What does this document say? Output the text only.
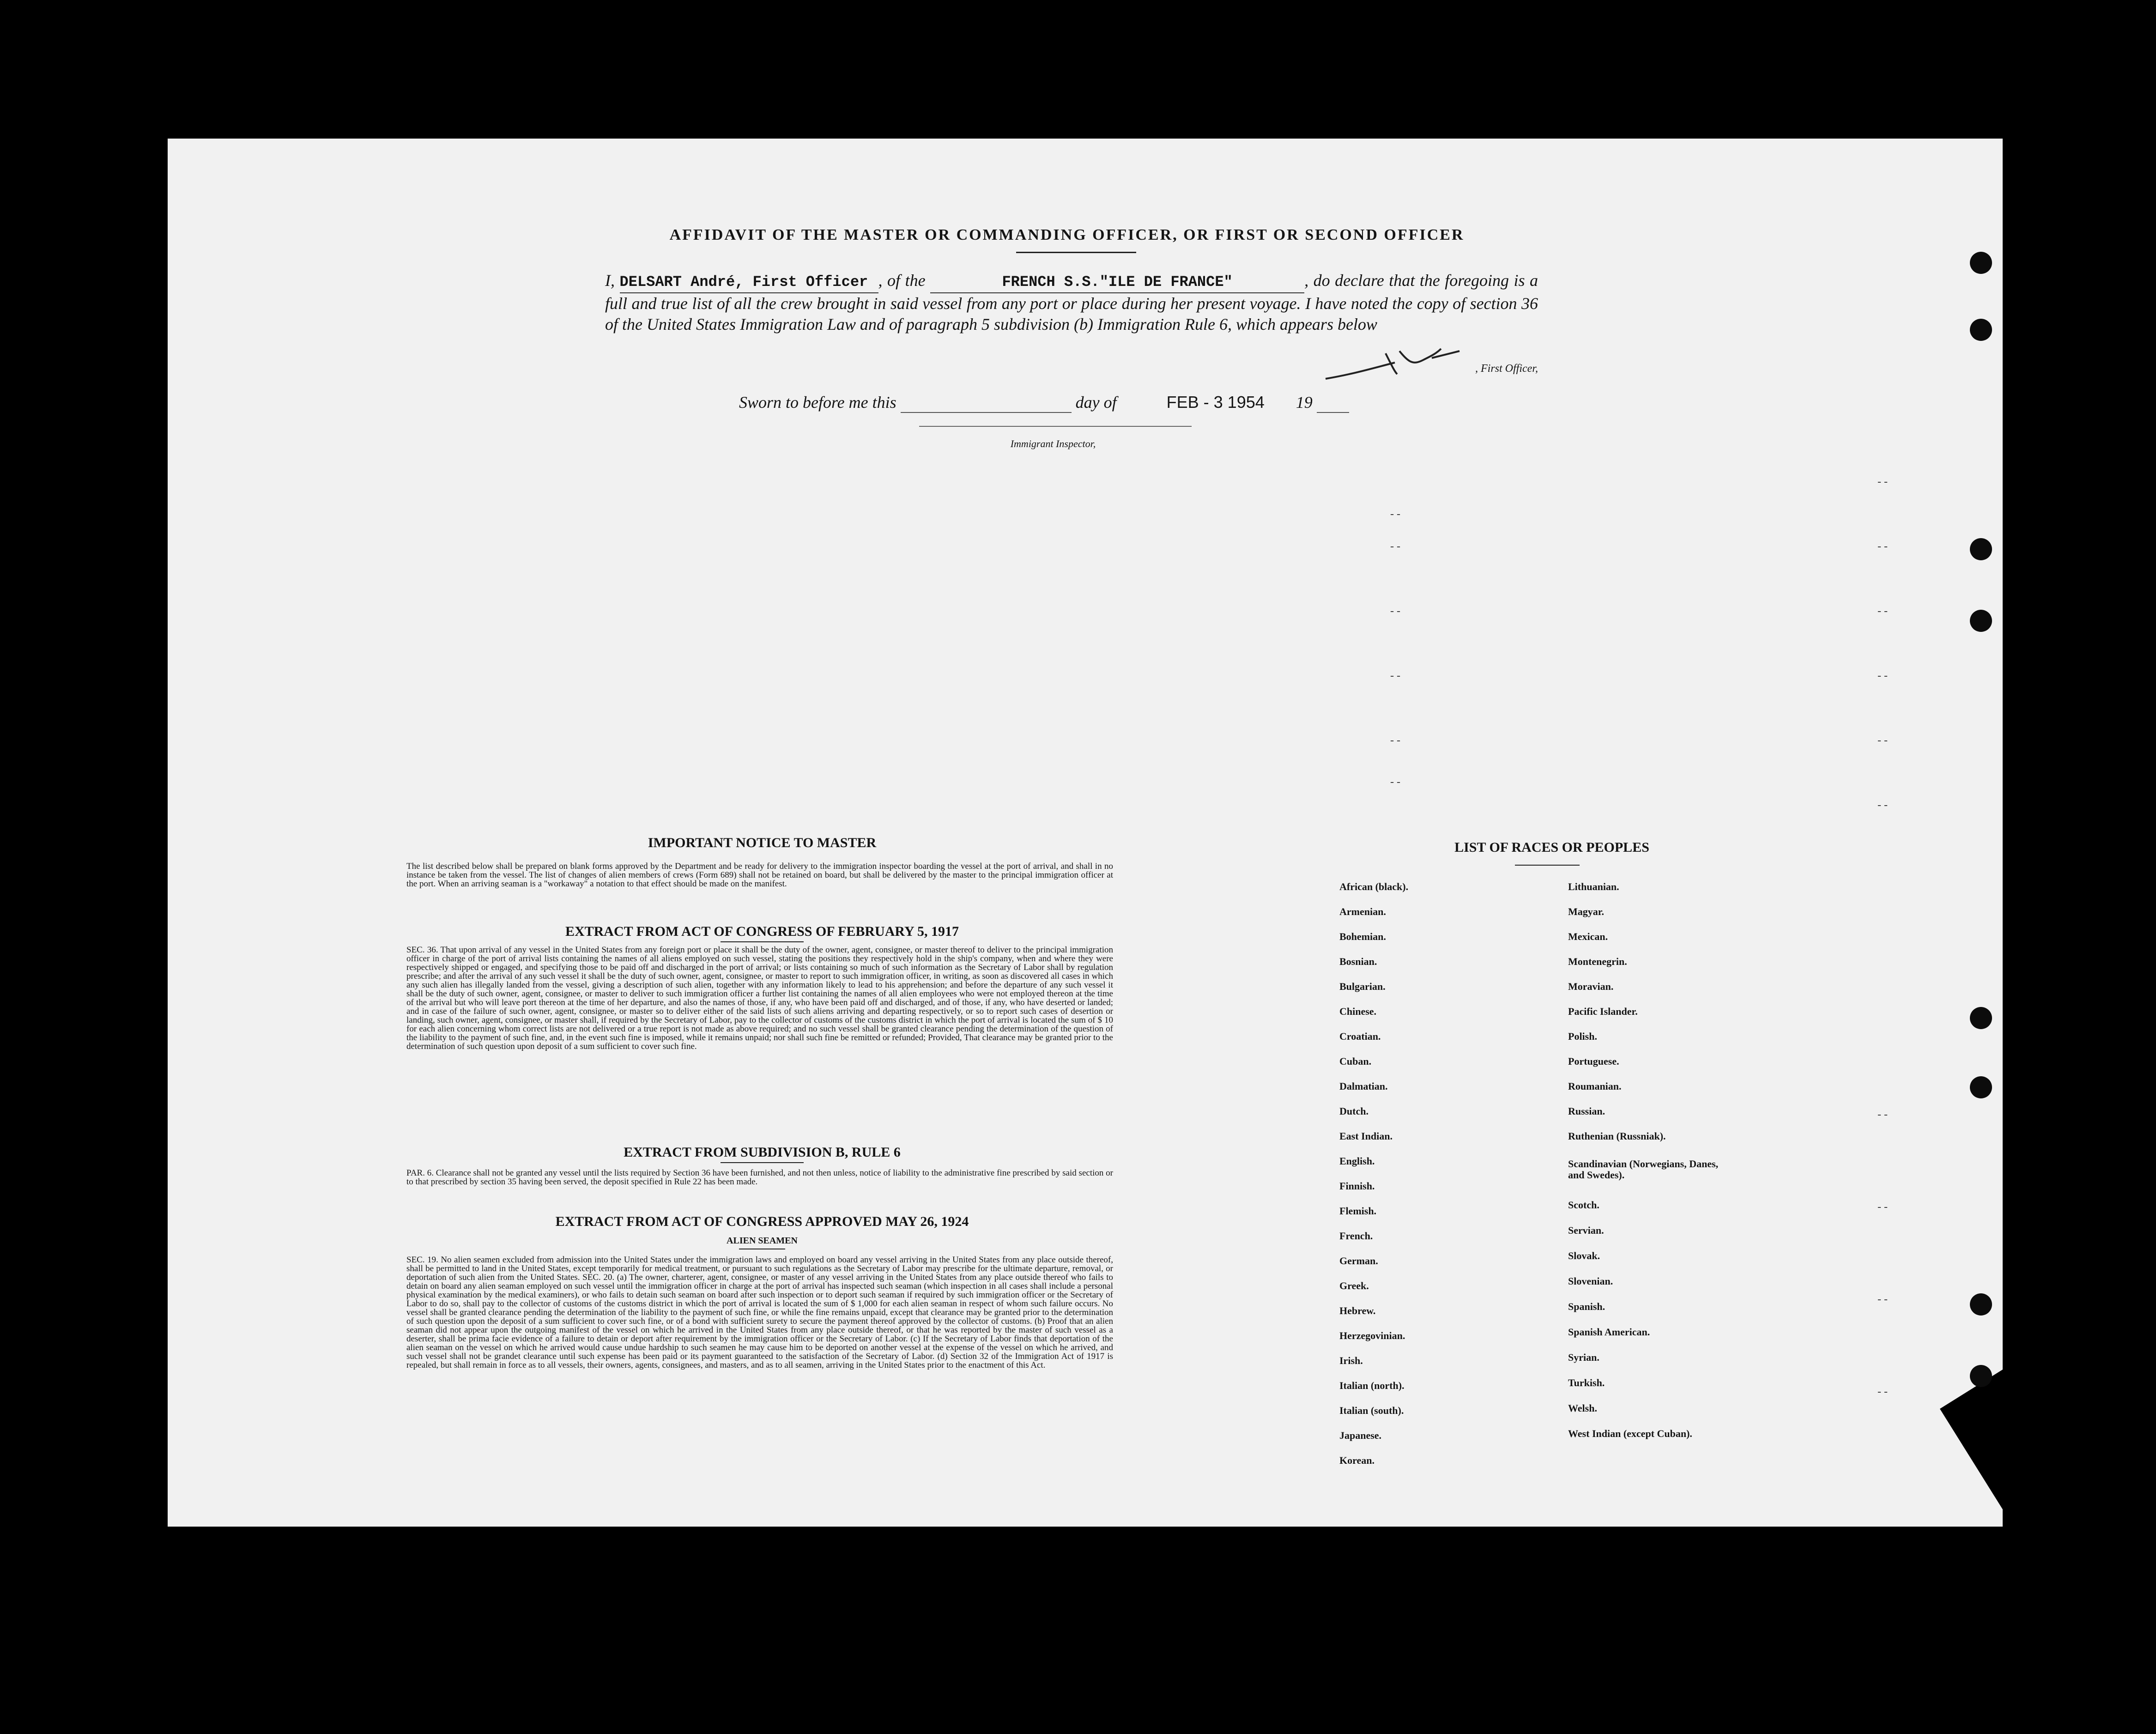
AFFIDAVIT OF THE MASTER OR COMMANDING OFFICER, OR FIRST OR SECOND OFFICER
I, DELSART André, First Officer , of the	FRENCH S.S."ILE DE FRANCE"	, do declare that the foregoing is a full and true list of all the crew brought in said vessel from any port or place during her present voyage. I have noted the copy of section 36 of the United States Immigration Law and of paragraph 5 subdivision (b) Immigration Rule 6, which appears below
, First Officer,
Sworn to before me this	day of	FEB - 3 1954 19
Immigrant Inspector,
IMPORTANT NOTICE TO MASTER
The list described below shall be prepared on blank forms approved by the Department and be ready for delivery to the immigration inspector boarding the vessel at the port of arrival, and shall in no instance be taken from the vessel. The list of changes of alien members of crews (Form 689) shall not be retained on board, but shall be delivered by the master to the principal immigration officer at the port. When an arriving seaman is a "workaway" a notation to that effect should be made on the manifest.
EXTRACT FROM ACT OF CONGRESS OF FEBRUARY 5, 1917
SEC. 36. That upon arrival of any vessel in the United States from any foreign port or place it shall be the duty of the owner, agent, consignee, or master thereof to deliver to the principal immigration officer in charge of the port of arrival lists containing the names of all aliens employed on such vessel, stating the positions they respectively hold in the ship's company, when and where they were respectively shipped or engaged, and specifying those to be paid off and discharged in the port of arrival; or lists containing so much of such information as the Secretary of Labor shall by regulation prescribe; and after the arrival of any such vessel it shall be the duty of such owner, agent, consignee, or master to report to such immigration officer, in writing, as soon as discovered all cases in which any such alien has illegally landed from the vessel, giving a description of such alien, together with any information likely to lead to his apprehension; and before the departure of any such vessel it shall be the duty of such owner, agent, consignee, or master to deliver to such immigration officer a further list containing the names of all alien employees who were not employed thereon at the time of the arrival but who will leave port thereon at the time of her departure, and also the names of those, if any, who have been paid off and discharged, and of those, if any, who have deserted or landed; and in case of the failure of such owner, agent, consignee, or master so to deliver either of the said lists of such aliens arriving and departing respectively, or so to report such cases of desertion or landing, such owner, agent, consignee, or master shall, if required by the Secretary of Labor, pay to the collector of customs of the customs district in which the port of arrival is located the sum of $ 10 for each alien concerning whom correct lists are not delivered or a true report is not made as above required; and no such vessel shall be granted clearance pending the determination of the question of the liability to the payment of such fine, and, in the event such fine is imposed, while it remains unpaid; nor shall such fine be remitted or refunded; Provided, That clearance may be granted prior to the determination of such question upon deposit of a sum sufficient to cover such fine.
EXTRACT FROM SUBDIVISION B, RULE 6
PAR. 6. Clearance shall not be granted any vessel until the lists required by Section 36 have been furnished, and not then unless, notice of liability to the administrative fine prescribed by said section or to that prescribed by section 35 having been served, the deposit specified in Rule 22 has been made.
EXTRACT FROM ACT OF CONGRESS APPROVED MAY 26, 1924
ALIEN SEAMEN
SEC. 19. No alien seamen excluded from admission into the United States under the immigration laws and employed on board any vessel arriving in the United States from any place outside thereof, shall be permitted to land in the United States, except temporarily for medical treatment, or pursuant to such regulations as the Secretary of Labor may prescribe for the ultimate departure, removal, or deportation of such alien from the United States. SEC. 20. (a) The owner, charterer, agent, consignee, or master of any vessel arriving in the United States from any place outside thereof who fails to detain on board any alien seaman employed on such vessel until the immigration officer in charge at the port of arrival has inspected such seaman (which inspection in all cases shall include a personal physical examination by the medical examiners), or who fails to detain such seaman on board after such inspection or to deport such seaman if required by such immigration officer or the Secretary of Labor to do so, shall pay to the collector of customs of the customs district in which the port of arrival is located the sum of $ 1,000 for each alien seaman in respect of whom such failure occurs. No vessel shall be granted clearance pending the determination of the liability to the payment of such fine, or while the fine remains unpaid, except that clearance may be granted prior to the determination of such question upon the deposit of a sum sufficient to cover such fine, or of a bond with sufficient surety to secure the payment thereof approved by the collector of customs. (b) Proof that an alien seaman did not appear upon the outgoing manifest of the vessel on which he arrived in the United States from any place outside thereof, or that he was reported by the master of such vessel as a deserter, shall be prima facie evidence of a failure to detain or deport after requirement by the immigration officer or the Secretary of Labor. (c) If the Secretary of Labor finds that deportation of the alien seaman on the vessel on which he arrived would cause undue hardship to such seamen he may cause him to be deported on another vessel at the expense of the vessel on which he arrived, and such vessel shall not be grandet clearance until such expense has been paid or its payment guaranteed to the satisfaction of the Secretary of Labor. (d) Section 32 of the Immigration Act of 1917 is repealed, but shall remain in force as to all vessels, their owners, agents, consignees, and masters, and as to all seamen, arriving in the United States prior to the enactment of this Act.
LIST OF RACES OR PEOPLES
African (black).
Armenian.
Bohemian.
Bosnian.
Bulgarian.
Chinese.
Croatian.
Cuban.
Dalmatian.
Dutch.
East Indian.
English.
Finnish.
Flemish.
French.
German.
Greek.
Hebrew.
Herzegovinian.
Irish.
Italian (north).
Italian (south).
Japanese.
Korean.
Lithuanian.
Magyar.
Mexican.
Montenegrin.
Moravian.
Pacific Islander.
Polish.
Portuguese.
Roumanian.
Russian.
Ruthenian (Russniak).
Scandinavian (Norwegians, Danes, and Swedes).
Scotch.
Servian.
Slovak.
Slovenian.
Spanish.
Spanish American.
Syrian.
Turkish.
Welsh.
West Indian (except Cuban).
- -
- -
- -
- -
- -
- -
- -
- -
- -
- -
- -
- -
- -
- -
- -
- -
